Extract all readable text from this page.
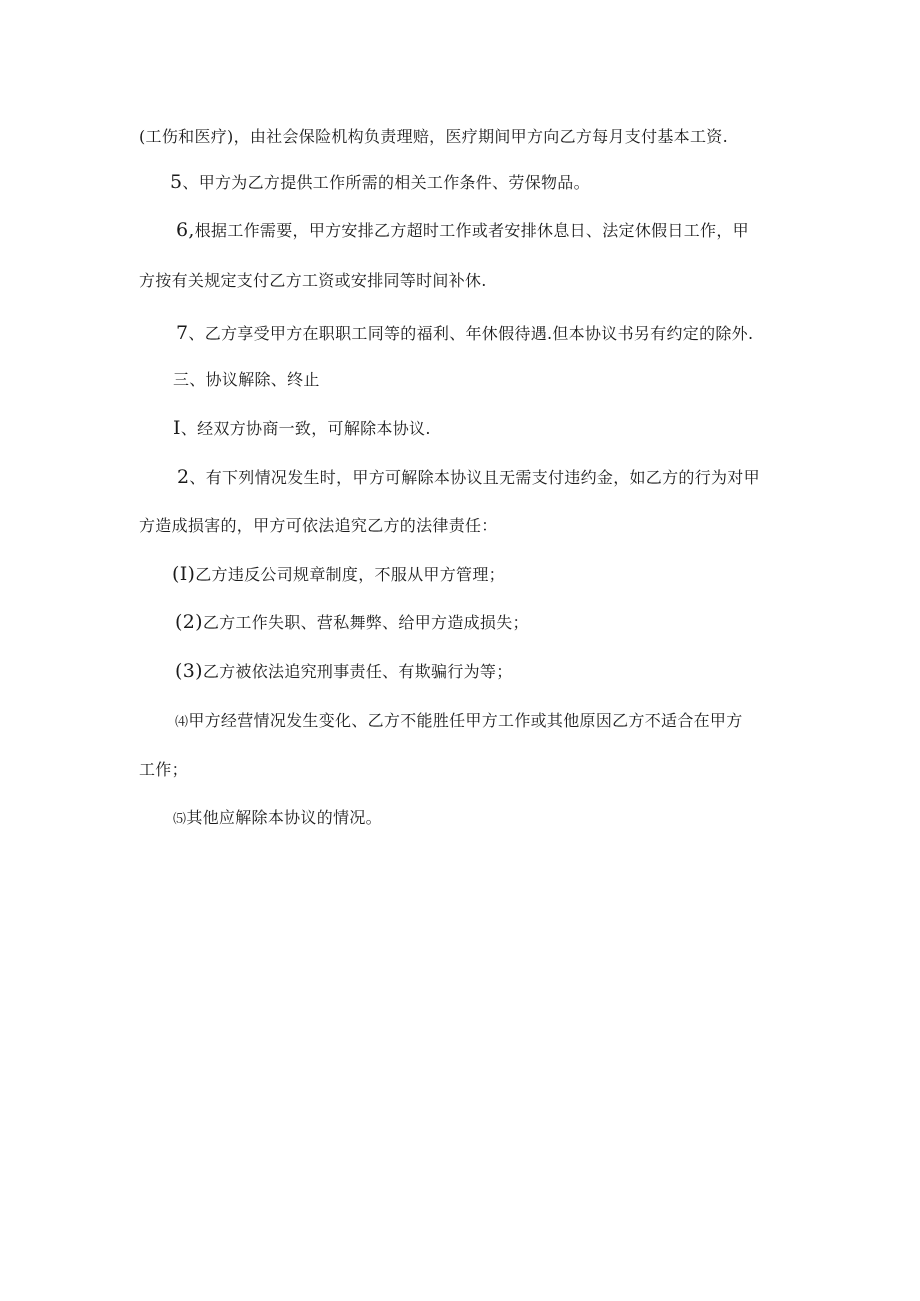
(工伤和医疗)，由社会保险机构负责理赔，医疗期间甲方向乙方每月支付基本工资.
5、甲方为乙方提供工作所需的相关工作条件、劳保物品。
6,根据工作需要，甲方安排乙方超时工作或者安排休息日、法定休假日工作，甲
方按有关规定支付乙方工资或安排同等时间补休.
7、乙方享受甲方在职职工同等的福利、年休假待遇.但本协议书另有约定的除外.
三、协议解除、终止
I、经双方协商一致，可解除本协议.
2、有下列情况发生时，甲方可解除本协议且无需支付违约金，如乙方的行为对甲
方造成损害的，甲方可依法追究乙方的法律责任：
(I)乙方违反公司规章制度，不服从甲方管理；
(2)乙方工作失职、营私舞弊、给甲方造成损失；
(3)乙方被依法追究刑事责任、有欺骗行为等；
⑷甲方经营情况发生变化、乙方不能胜任甲方工作或其他原因乙方不适合在甲方
工作；
⑸其他应解除本协议的情况。
